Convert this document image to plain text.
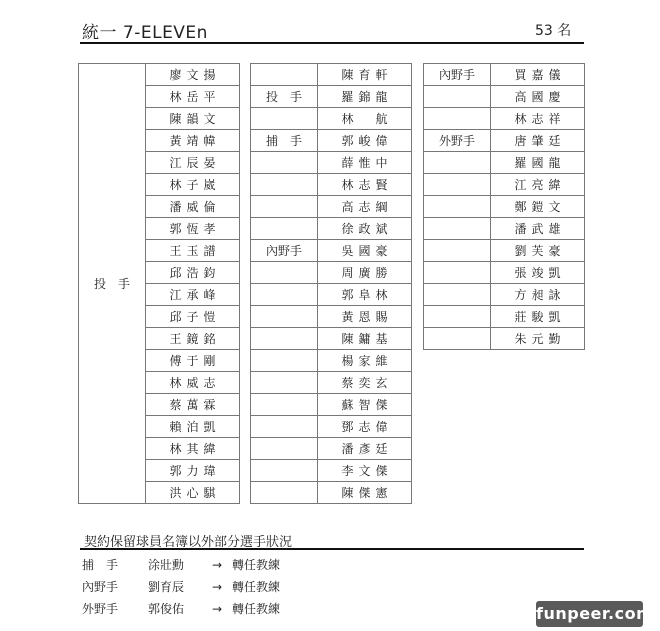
統一 7-ELEVEn	53 名
投　手	廖文揚
林岳平
陳韻文
黃靖幃
江辰晏
林子崴
潘威倫
郭恆孝
王玉譜
邱浩鈞
江承峰
邱子愷
王鏡銘
傅于剛
林威志
蔡萬霖
賴泊凱
林其緯
郭力瑋
洪心騏
	陳育軒
投　手	羅錦龍
	林　航
捕　手	郭峻偉
	薛惟中
	林志賢
	高志綱
	徐政斌
內野手	吳國豪
	周廣勝
	郭阜林
	黃恩賜
	陳鏞基
	楊家維
	蔡奕玄
	蘇智傑
	鄧志偉
	潘彥廷
	李文傑
	陳傑憲
內野手	買嘉儀
	高國慶
	林志祥
外野手	唐肇廷
	羅國龍
	江亮緯
	鄭鎧文
	潘武雄
	劉芙豪
	張竣凱
	方昶詠
	莊駿凱
	朱元勤
契約保留球員名簿以外部分選手狀況
捕　手	涂壯勳	→ 轉任教練
內野手	劉育辰	→ 轉任教練
外野手	郭俊佑	→ 轉任教練	funpeer.com
